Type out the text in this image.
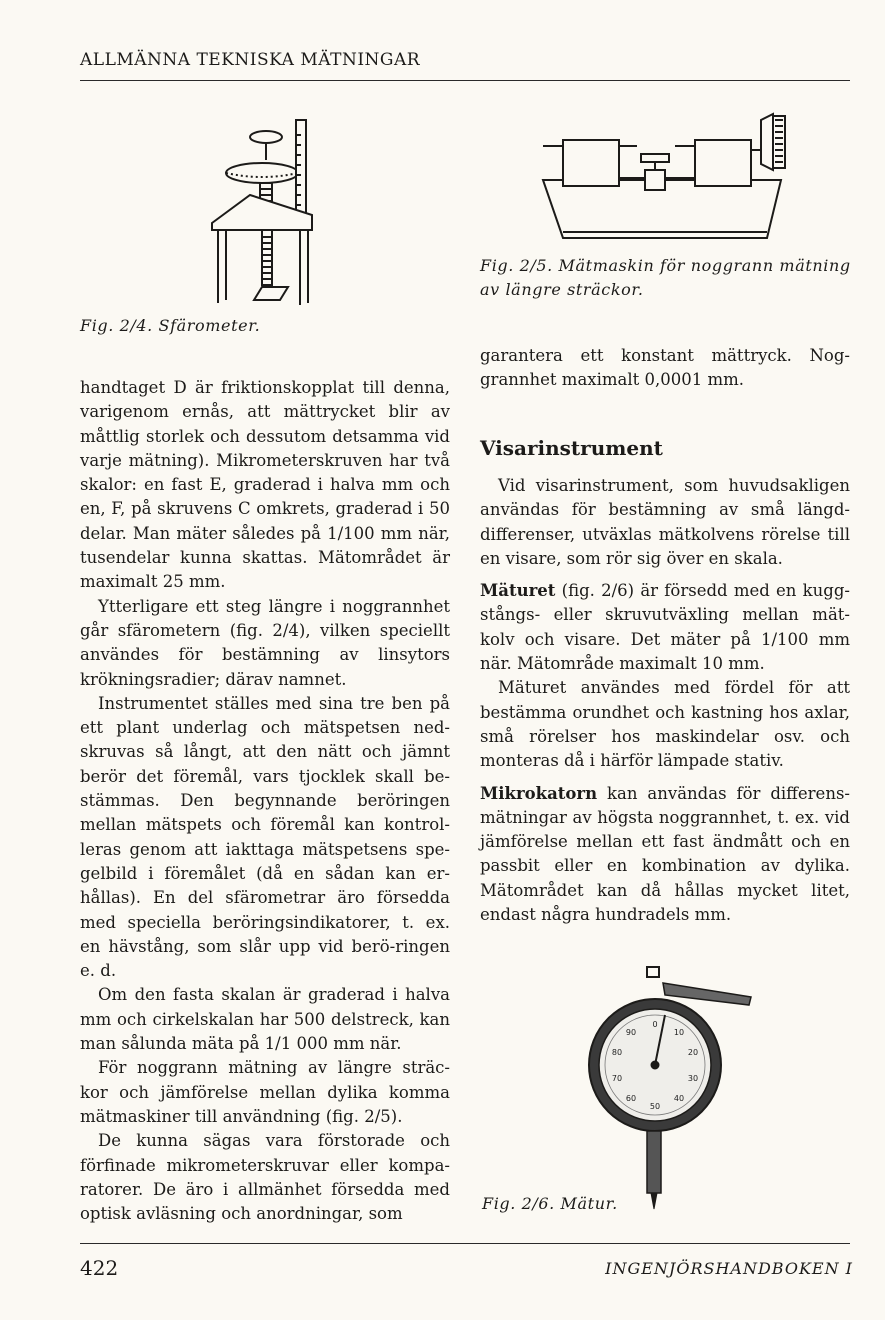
ALLMÄNNA TEKNISKA MÄTNINGAR
Fig. 2/4. Sfärometer.
Fig. 2/5. Mätmaskin för noggrann mätning av längre sträckor.

handtaget D är friktionskopplat till denna, varigenom ernås, att mättrycket blir av måttlig storlek och dessutom detsamma vid varje mätning). Mikrometerskruven har två skalor: en fast E, graderad i halva mm och en, F, på skruvens C omkrets, graderad i 50 delar. Man mäter således på 1/100 mm när, tusendelar kunna skattas. Mätområdet är maximalt 25 mm.

Ytterligare ett steg längre i noggrannhet går sfärometern (fig. 2/4), vilken speciellt användes för bestämning av linsytors krökningsradier; därav namnet.

Instrumentet ställes med sina tre ben på ett plant underlag och mätspetsen ned-skruvas så långt, att den nätt och jämnt berör det föremål, vars tjocklek skall be-stämmas. Den begynnande beröringen mellan mätspets och föremål kan kontrol-leras genom att iakttaga mätspetsens spe-gelbild i föremålet (då en sådan kan er-hållas). En del sfärometrar äro försedda med speciella beröringsindikatorer, t. ex. en hävstång, som slår upp vid berö-ringen e. d.

Om den fasta skalan är graderad i halva mm och cirkelskalan har 500 delstreck, kan man sålunda mäta på 1/1 000 mm när.

För noggrann mätning av längre sträc-kor och jämförelse mellan dylika komma mätmaskiner till användning (fig. 2/5).

De kunna sägas vara förstorade och förfinade mikrometerskruvar eller kompa-ratorer. De äro i allmänhet försedda med optisk avläsning och anordningar, som

garantera ett konstant mättryck. Nog-grannhet maximalt 0,0001 mm.

Visarinstrument

Vid visarinstrument, som huvudsakligen användas för bestämning av små längd-differenser, utväxlas mätkolvens rörelse till en visare, som rör sig över en skala.

Mäturet (fig. 2/6) är försedd med en kugg-stångs- eller skruvutväxling mellan mät-kolv och visare. Det mäter på 1/100 mm när. Mätområde maximalt 10 mm.

Mäturet användes med fördel för att bestämma orundhet och kastning hos axlar, små rörelser hos maskindelar osv. och monteras då i härför lämpade stativ.

Mikrokatorn kan användas för differens-mätningar av högsta noggrannhet, t. ex. vid jämförelse mellan ett fast ändmått och en passbit eller en kombination av dylika. Mätområdet kan då hållas mycket litet, endast några hundradels mm.

0
10
20
30
40
50
60
70
80
90
Fig. 2/6. Mätur.
422	INGENJÖRSHANDBOKEN I
